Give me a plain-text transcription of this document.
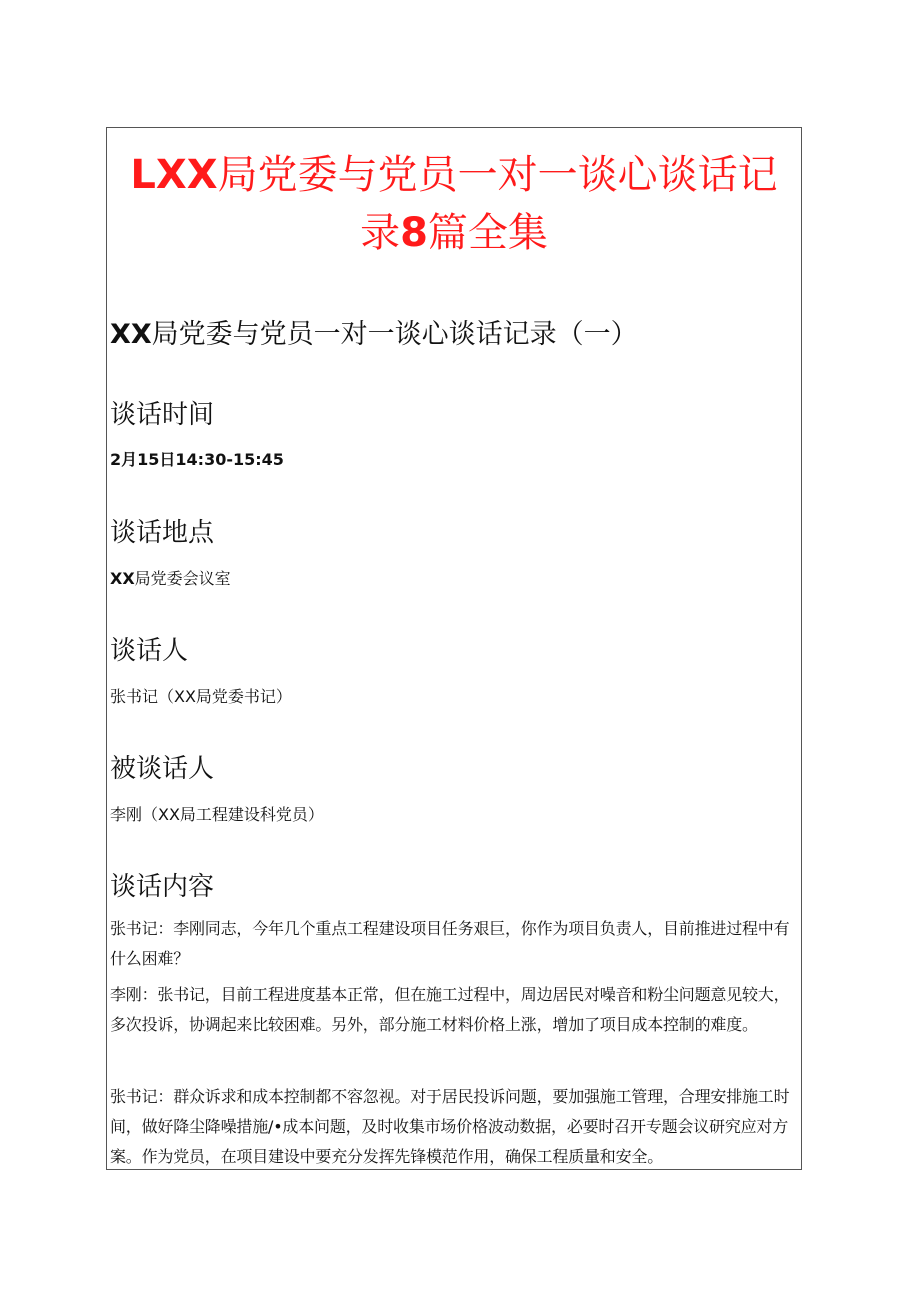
LXX局党委与党员一对一谈心谈话记
录8篇全集
XX局党委与党员一对一谈心谈话记录（一）
谈话时间

2月15日14:30-15:45

谈话地点

XX局党委会议室

谈话人

张书记（XX局党委书记）

被谈话人

李刚（XX局工程建设科党员）

谈话内容

张书记：李刚同志，今年几个重点工程建设项目任务艰巨，你作为项目负责人，目前推进过程中有什么困难？

李刚：张书记，目前工程进度基本正常，但在施工过程中，周边居民对噪音和粉尘问题意见较大，多次投诉，协调起来比较困难。另外，部分施工材料价格上涨，增加了项目成本控制的难度。

张书记：群众诉求和成本控制都不容忽视。对于居民投诉问题，要加强施工管理，合理安排施工时间，做好降尘降噪措施/•成本问题，及时收集市场价格波动数据，必要时召开专题会议研究应对方案。作为党员，在项目建设中要充分发挥先锋模范作用，确保工程质量和安全。
